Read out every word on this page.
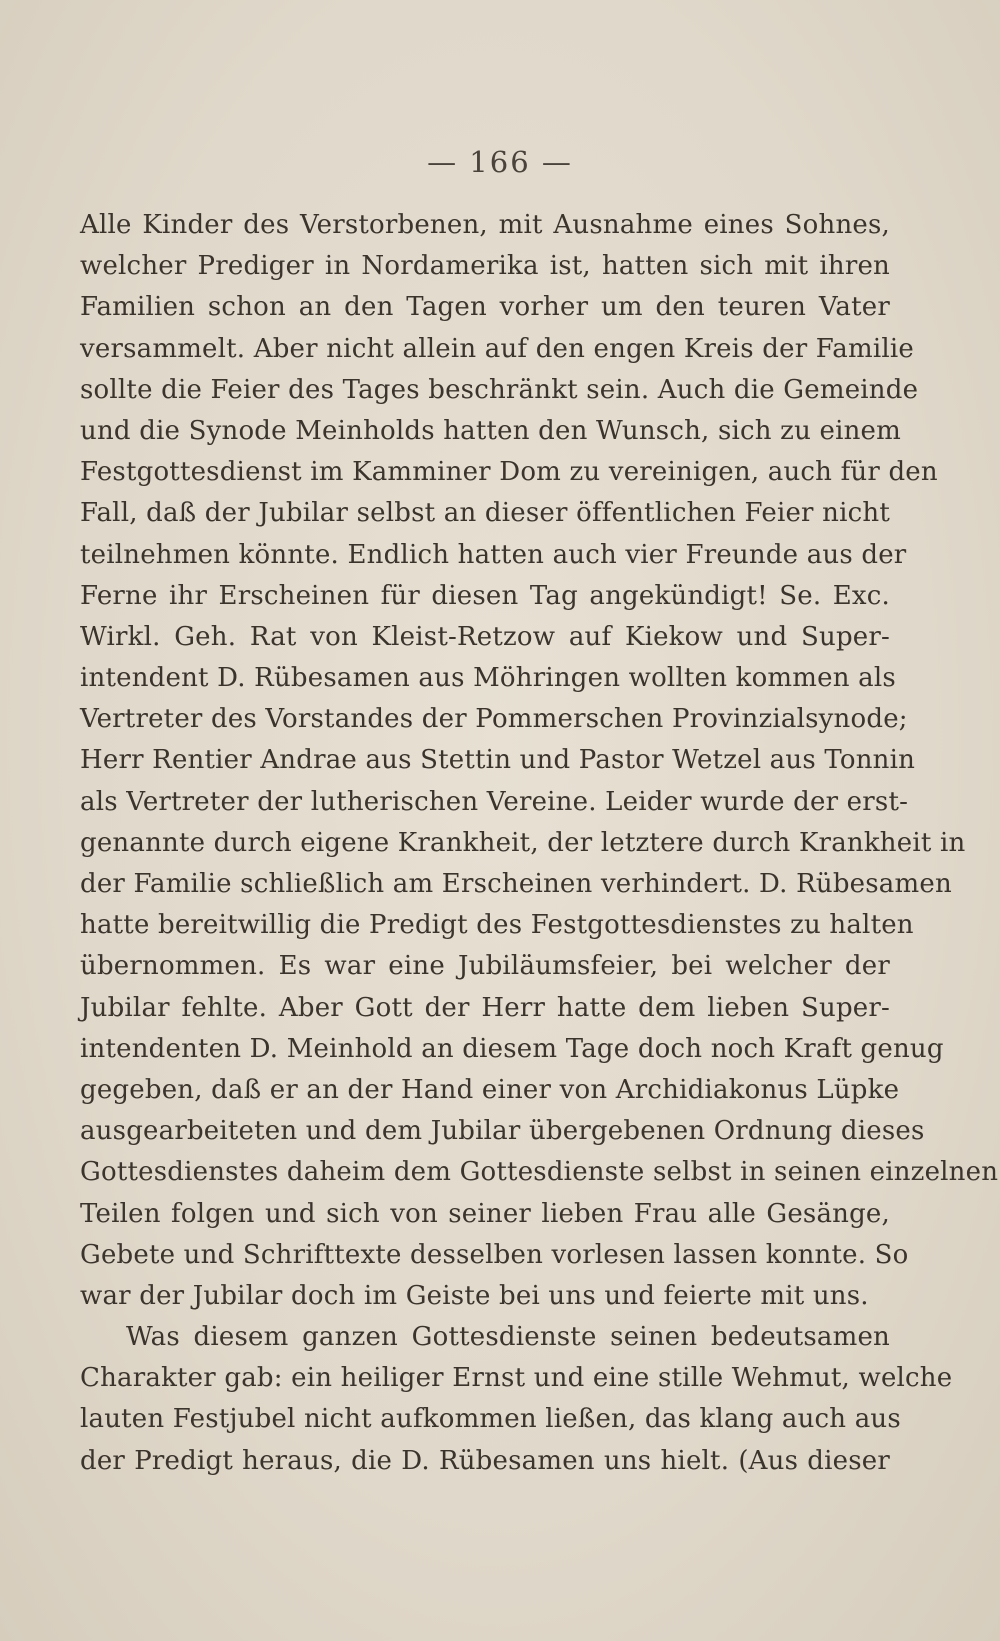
— 166 —
Alle Kinder des Verstorbenen, mit Ausnahme eines Sohnes,
welcher Prediger in Nordamerika ist, hatten sich mit ihren
Familien schon an den Tagen vorher um den teuren Vater
versammelt. Aber nicht allein auf den engen Kreis der Familie
sollte die Feier des Tages beschränkt sein. Auch die Gemeinde
und die Synode Meinholds hatten den Wunsch, sich zu einem
Festgottesdienst im Kamminer Dom zu vereinigen, auch für den
Fall, daß der Jubilar selbst an dieser öffentlichen Feier nicht
teilnehmen könnte. Endlich hatten auch vier Freunde aus der
Ferne ihr Erscheinen für diesen Tag angekündigt! Se. Exc.
Wirkl. Geh. Rat von Kleist-Retzow auf Kiekow und Super-
intendent D. Rübesamen aus Möhringen wollten kommen als
Vertreter des Vorstandes der Pommerschen Provinzialsynode;
Herr Rentier Andrae aus Stettin und Pastor Wetzel aus Tonnin
als Vertreter der lutherischen Vereine. Leider wurde der erst-
genannte durch eigene Krankheit, der letztere durch Krankheit in
der Familie schließlich am Erscheinen verhindert. D. Rübesamen
hatte bereitwillig die Predigt des Festgottesdienstes zu halten
übernommen. Es war eine Jubiläumsfeier, bei welcher der
Jubilar fehlte. Aber Gott der Herr hatte dem lieben Super-
intendenten D. Meinhold an diesem Tage doch noch Kraft genug
gegeben, daß er an der Hand einer von Archidiakonus Lüpke
ausgearbeiteten und dem Jubilar übergebenen Ordnung dieses
Gottesdienstes daheim dem Gottesdienste selbst in seinen einzelnen
Teilen folgen und sich von seiner lieben Frau alle Gesänge,
Gebete und Schrifttexte desselben vorlesen lassen konnte. So
war der Jubilar doch im Geiste bei uns und feierte mit uns.
Was diesem ganzen Gottesdienste seinen bedeutsamen
Charakter gab: ein heiliger Ernst und eine stille Wehmut, welche
lauten Festjubel nicht aufkommen ließen, das klang auch aus
der Predigt heraus, die D. Rübesamen uns hielt. (Aus dieser
